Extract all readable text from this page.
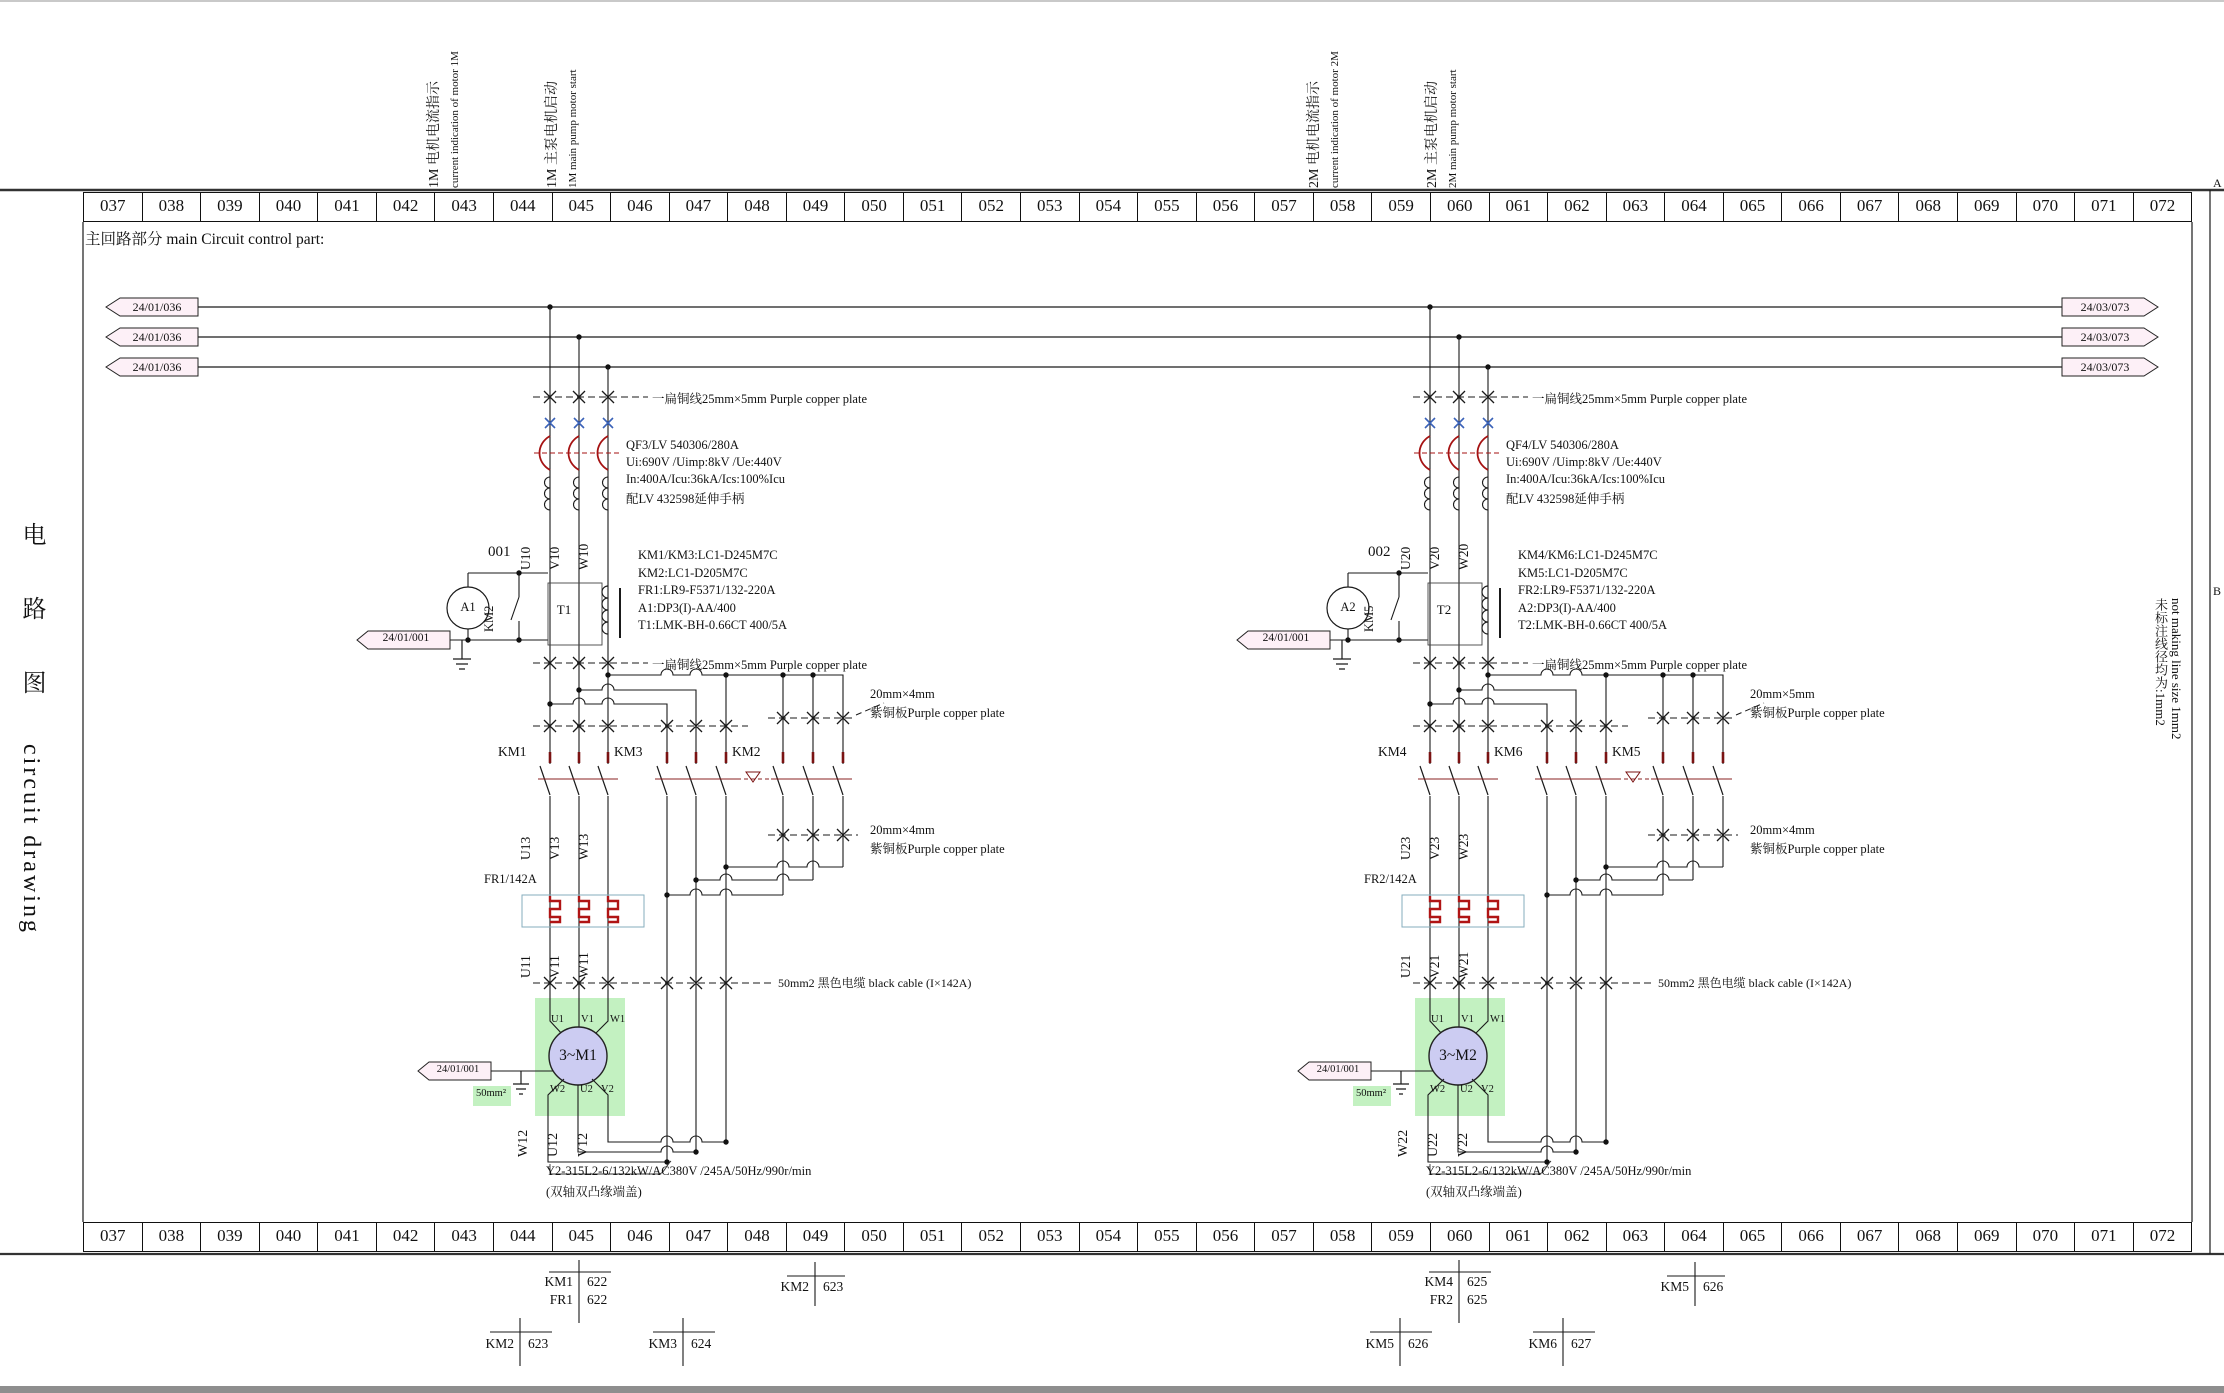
主回路部分 main Circuit control part:
037	038	039	040	041	042	043	044	045	046	047	048	049	050	051	052	053	054	055	056	057	058	059	060	061	062	063	064	065	066	067	068	069	070	071	072
037	038	039	040	041	042	043	044	045	046	047	048	049	050	051	052	053	054	055	056	057	058	059	060	061	062	063	064	065	066	067	068	069	070	071	072
1M 电机电流指示 current indication of motor 1M	1M 主泵电机启动 1M main pump motor start	2M 电机电流指示 current indication of motor 2M	2M 主泵电机启动 2M main pump motor start
24/01/036
24/01/036
24/01/036
24/03/073
24/03/073
24/03/073
电路图circuit drawing
not making line size 1mm2
未标注线径均为:1mm2
A
B
001
A1 KM2	T1
QF3/LV 540306/280A
Ui:690V /Uimp:8kV /Ue:440V
In:400A/Icu:36kA/Ics:100%Icu
配LV 432598延伸手柄
KM1/KM3:LC1-D245M7C
KM2:LC1-D205M7C
FR1:LR9-F5371/132-220A
A1:DP3(I)-AA/400
T1:LMK-BH-0.66CT 400/5A
一扁铜线25mm×5mm Purple copper plate
一扁铜线25mm×5mm Purple copper plate
U10 V10 W10
20mm×4mm
紫铜板Purple copper plate
KM1	KM3	KM2
U13 V13 W13
FR1/142A
20mm×4mm
紫铜板Purple copper plate
U11 V11 W11
50mm2 黑色电缆 black cable (I×142A)
3~M1
U1 V1 W1
W2 U2 V2
W12 U12 V12
24/01/001
24/01/001
50mm²
Y2-315L2-6/132kW/AC380V /245A/50Hz/990r/min
(双轴双凸缘端盖)
KM1 622
FR1 622
KM2 623
KM2 623	KM3 624
002
A2 KM5	T2
QF4/LV 540306/280A
Ui:690V /Uimp:8kV /Ue:440V
In:400A/Icu:36kA/Ics:100%Icu
配LV 432598延伸手柄
KM4/KM6:LC1-D245M7C
KM5:LC1-D205M7C
FR2:LR9-F5371/132-220A
A2:DP3(I)-AA/400
T2:LMK-BH-0.66CT 400/5A
一扁铜线25mm×5mm Purple copper plate
一扁铜线25mm×5mm Purple copper plate
U20 V20 W20
20mm×5mm
紫铜板Purple copper plate
KM4	KM6	KM5
U23 V23 W23
FR2/142A
20mm×4mm
紫铜板Purple copper plate
U21 V21 W21
50mm2 黑色电缆 black cable (I×142A)
3~M2
U1 V1 W1
W2 U2 V2
W22 U22 V22
24/01/001
24/01/001
50mm²
Y2-315L2-6/132kW/AC380V /245A/50Hz/990r/min
(双轴双凸缘端盖)
KM4 625
FR2 625
KM5 626
KM5 626	KM6 627
